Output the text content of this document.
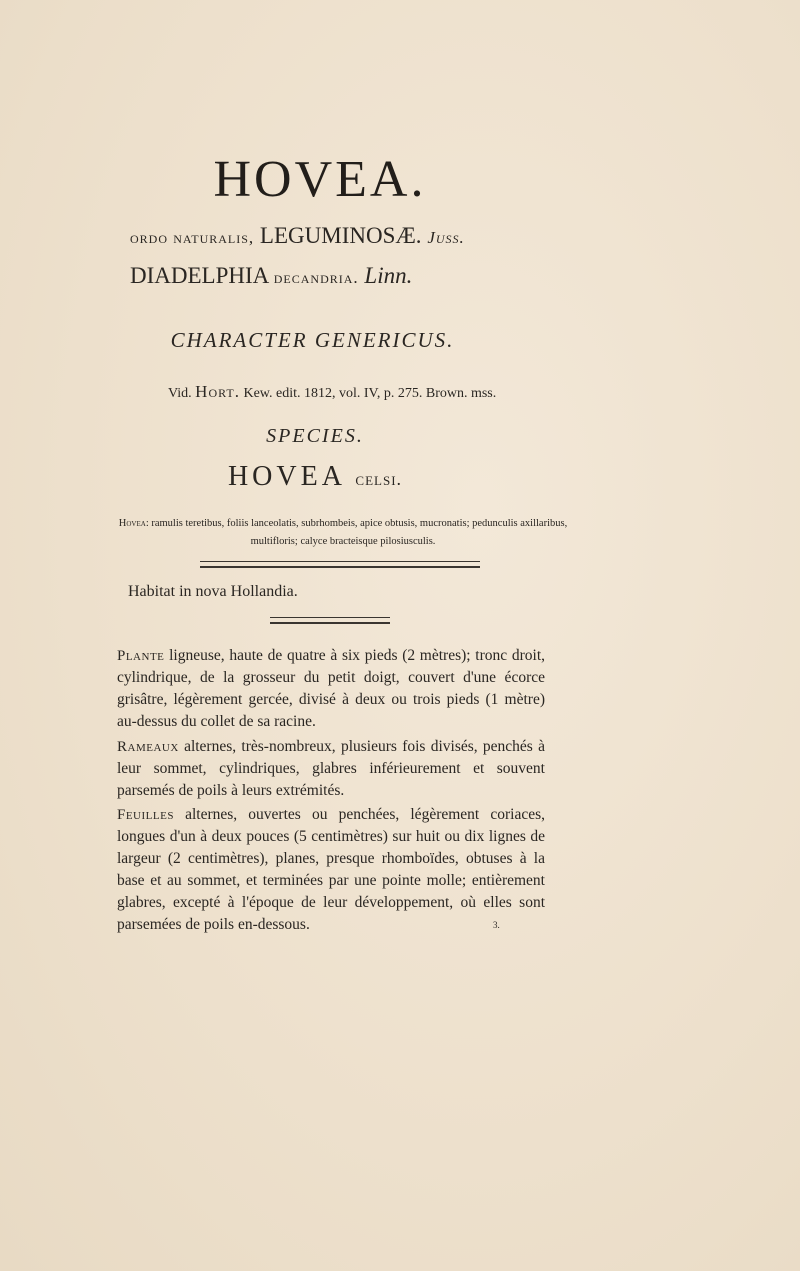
HOVEA.
ordo naturalis, LEGUMINOSÆ. Juss.
DIADELPHIA decandria. Linn.
CHARACTER GENERICUS.
Vid. Hort. Kew. edit. 1812, vol. IV, p. 275. Brown. mss.
SPECIES.
HOVEA celsi.
Hovea: ramulis teretibus, foliis lanceolatis, subrhombeis, apice obtusis, mucronatis; pedunculis axillaribus, multifloris; calyce bracteisque pilosiusculis.
Habitat in nova Hollandia.
Plante ligneuse, haute de quatre à six pieds (2 mètres); tronc droit, cylindrique, de la grosseur du petit doigt, couvert d'une écorce grisâtre, légèrement gercée, divisé à deux ou trois pieds (1 mètre) au-dessus du collet de sa racine.
Rameaux alternes, très-nombreux, plusieurs fois divisés, penchés à leur sommet, cylindriques, glabres inférieurement et souvent parsemés de poils à leurs extrémités.
Feuilles alternes, ouvertes ou penchées, légèrement coriaces, longues d'un à deux pouces (5 centimètres) sur huit ou dix lignes de largeur (2 centimètres), planes, presque rhomboïdes, obtuses à la base et au sommet, et terminées par une pointe molle; entièrement glabres, excepté à l'époque de leur développement, où elles sont parsemées de poils en-dessous.	3.
